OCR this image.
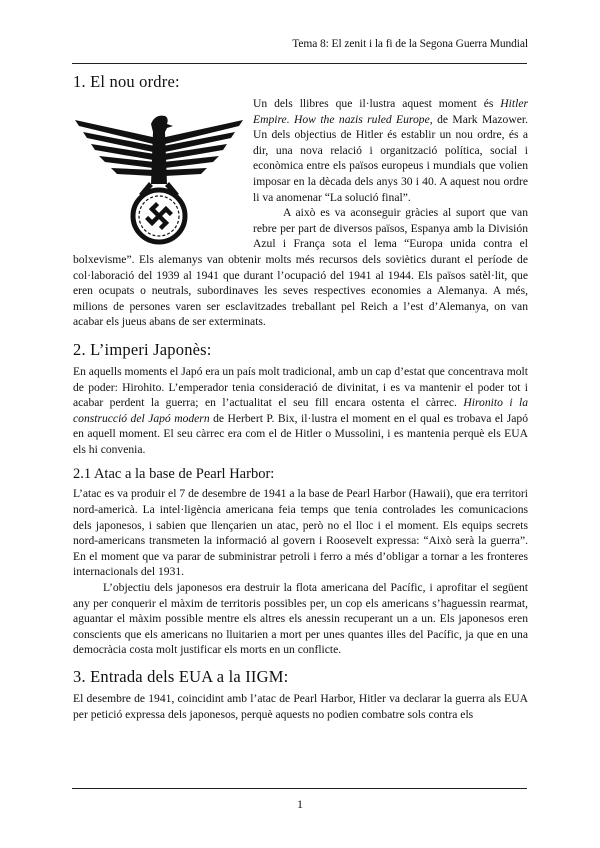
Tema 8: El zenit i la fi de la Segona Guerra Mundial
1. El nou ordre:

Un dels llibres que il·lustra aquest moment és Hitler Empire. How the nazis ruled Europe, de Mark Mazower. Un dels objectius de Hitler és establir un nou ordre, és a dir, una nova relació i organització política, social i econòmica entre els països europeus i mundials que volien imposar en la dècada dels anys 30 i 40. A aquest nou ordre li va anomenar “La solució final”.

A això es va aconseguir gràcies al suport que van rebre per part de diversos països, Espanya amb la División Azul i França sota el lema “Europa unida contra el bolxevisme”. Els alemanys van obtenir molts més recursos dels soviètics durant el període de col·laboració del 1939 al 1941 que durant l’ocupació del 1941 al 1944. Els països satèl·lit, que eren ocupats o neutrals, subordinaves les seves respectives economies a Alemanya. A més, milions de persones varen ser esclavitzades treballant pel Reich a l’est d’Alemanya, on van acabar els jueus abans de ser exterminats.

2. L’imperi Japonès:

En aquells moments el Japó era un país molt tradicional, amb un cap d’estat que concentrava molt de poder: Hirohito. L’emperador tenia consideració de divinitat, i es va mantenir el poder tot i acabar perdent la guerra; en l’actualitat el seu fill encara ostenta el càrrec. Hironito i la construcció del Japó modern de Herbert P. Bix, il·lustra el moment en el qual es trobava el Japó en aquell moment. El seu càrrec era com el de Hitler o Mussolini, i es mantenia perquè els EUA els hi convenia.

2.1 Atac a la base de Pearl Harbor:

L’atac es va produir el 7 de desembre de 1941 a la base de Pearl Harbor (Hawaii), que era territori nord-americà. La intel·ligència americana feia temps que tenia controlades les comunicacions dels japonesos, i sabien que llençarien un atac, però no el lloc i el moment. Els equips secrets nord-americans transmeten la informació al govern i Roosevelt expressa: “Això serà la guerra”. En el moment que va parar de subministrar petroli i ferro a més d’obligar a tornar a les fronteres internacionals del 1931.

L’objectiu dels japonesos era destruir la flota americana del Pacífic, i aprofitar el següent any per conquerir el màxim de territoris possibles per, un cop els americans s’haguessin rearmat, aguantar el màxim possible mentre els altres els anessin recuperant un a un. Els japonesos eren conscients que els americans no lluitarien a mort per unes quantes illes del Pacífic, ja que en una democràcia costa molt justificar els morts en un conflicte.

3. Entrada dels EUA a la IIGM:

El desembre de 1941, coincidint amb l’atac de Pearl Harbor, Hitler va declarar la guerra als EUA per petició expressa dels japonesos, perquè aquests no podien combatre sols contra els

1
